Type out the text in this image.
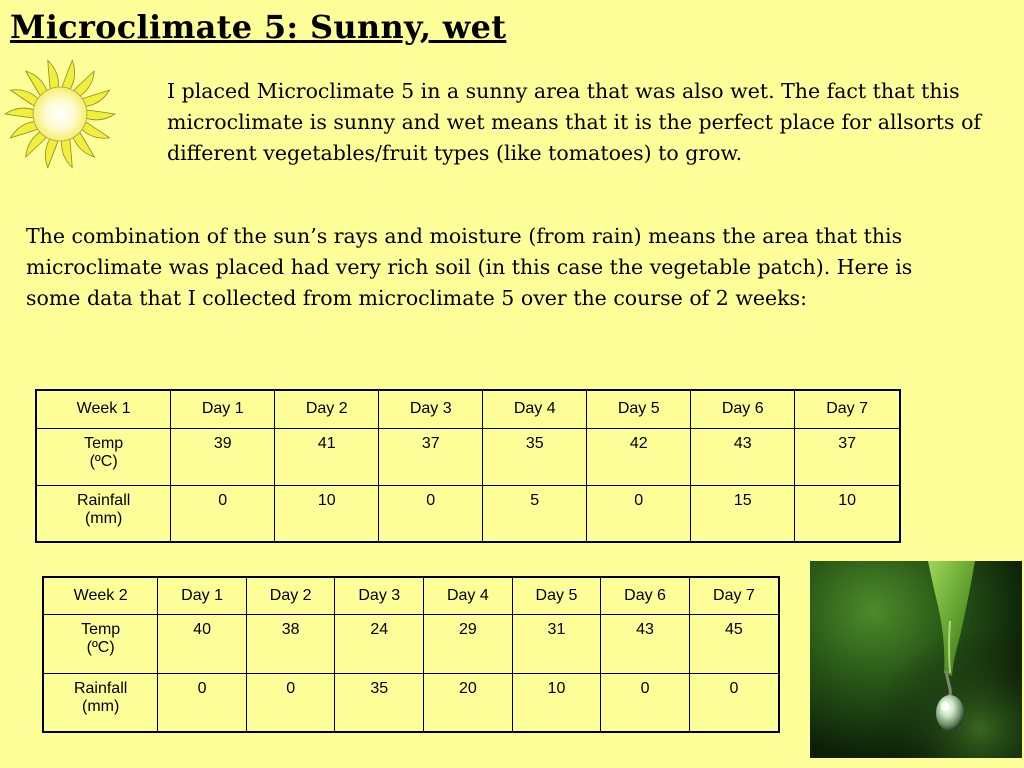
Microclimate 5: Sunny, wet
I placed Microclimate 5 in a sunny area that was also wet. The fact that this microclimate is sunny and wet means that it is the perfect place for allsorts of different vegetables/fruit types (like tomatoes) to grow.
The combination of the sun’s rays and moisture (from rain) means the area that this microclimate was placed had very rich soil (in this case the vegetable patch). Here is some data that I collected from microclimate 5 over the course of 2 weeks:
Week 1	Day 1	Day 2	Day 3	Day 4	Day 5	Day 6	Day 7
Temp
(ºC)	39	41	37	35	42	43	37
Rainfall
(mm)	0	10	0	5	0	15	10
Week 2	Day 1	Day 2	Day 3	Day 4	Day 5	Day 6	Day 7
Temp
(ºC)	40	38	24	29	31	43	45
Rainfall
(mm)	0	0	35	20	10	0	0
